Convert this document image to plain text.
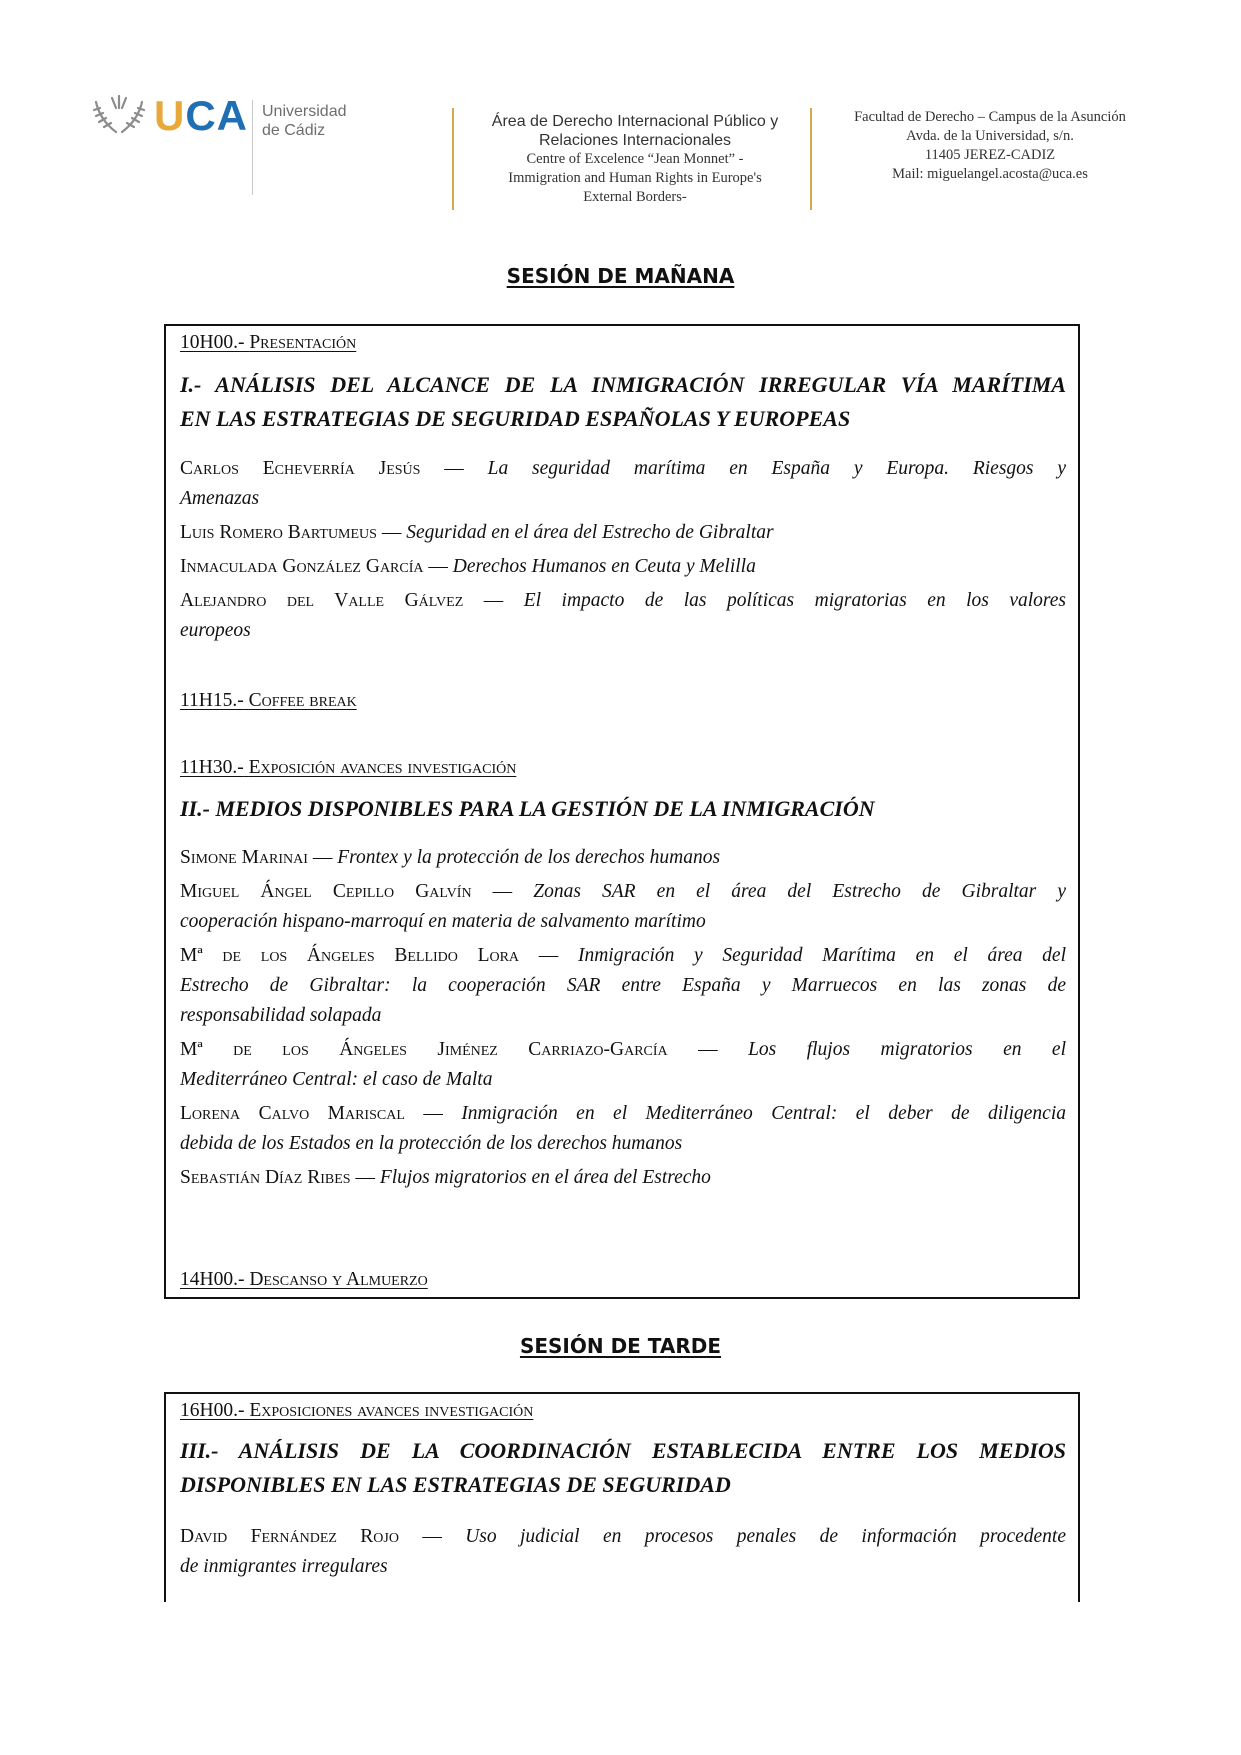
UCA Universidad
de Cádiz
Área de Derecho Internacional Público y
Relaciones Internacionales
Centre of Excelence “Jean Monnet” -
Immigration and Human Rights in Europe's
External Borders-
Facultad de Derecho – Campus de la Asunción
Avda. de la Universidad, s/n.
11405 JEREZ-CADIZ
Mail: miguelangel.acosta@uca.es
SESIÓN DE MAÑANA
10H00.- Presentación
I.- ANÁLISIS DEL ALCANCE DE LA INMIGRACIÓN IRREGULAR VÍA MARÍTIMA
EN LAS ESTRATEGIAS DE SEGURIDAD ESPAÑOLAS Y EUROPEAS
Carlos Echeverría Jesús — La seguridad marítima en España y Europa. Riesgos y
Amenazas
Luis Romero Bartumeus — Seguridad en el área del Estrecho de Gibraltar
Inmaculada González García — Derechos Humanos en Ceuta y Melilla
Alejandro del Valle Gálvez — El impacto de las políticas migratorias en los valores
europeos
11H15.- Coffee break
11H30.- Exposición avances investigación
II.- MEDIOS DISPONIBLES PARA LA GESTIÓN DE LA INMIGRACIÓN
Simone Marinai — Frontex y la protección de los derechos humanos
Miguel Ángel Cepillo Galvín — Zonas SAR en el área del Estrecho de Gibraltar y
cooperación hispano-marroquí en materia de salvamento marítimo
Mª de los Ángeles Bellido Lora — Inmigración y Seguridad Marítima en el área del
Estrecho de Gibraltar: la cooperación SAR entre España y Marruecos en las zonas de
responsabilidad solapada
Mª de los Ángeles Jiménez Carriazo-García — Los flujos migratorios en el
Mediterráneo Central: el caso de Malta
Lorena Calvo Mariscal — Inmigración en el Mediterráneo Central: el deber de diligencia
debida de los Estados en la protección de los derechos humanos
Sebastián Díaz Ribes — Flujos migratorios en el área del Estrecho
14H00.- Descanso y Almuerzo
SESIÓN DE TARDE
16H00.- Exposiciones avances investigación
III.- ANÁLISIS DE LA COORDINACIÓN ESTABLECIDA ENTRE LOS MEDIOS
DISPONIBLES EN LAS ESTRATEGIAS DE SEGURIDAD
David Fernández Rojo — Uso judicial en procesos penales de información procedente
de inmigrantes irregulares
